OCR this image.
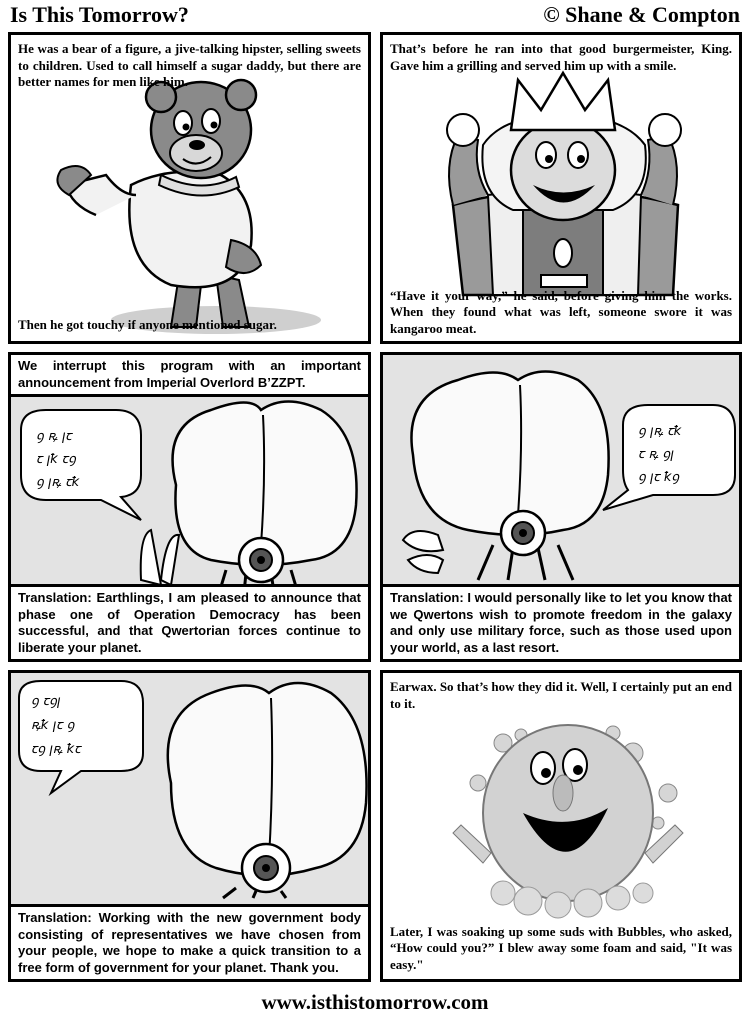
Is This Tomorrow?	© Shane & Compton
He was a bear of a figure, a jive-talking hipster, selling sweets to children. Used to call himself a sugar daddy, but there are better names for men like him.
Then he got touchy if anyone mentioned sugar.
That’s before he ran into that good burgermeister, King. Gave him a grilling and served him up with a smile.
“Have it your way,” he said, before giving him the works. When they found what was left, someone swore it was kangaroo meat.
ꝯ ꝶ ꞁꞇ
ꞇ ꞁꝁ ꞇꝯ
ꝯ ꞁꝶ ꞇꝁ
We interrupt this program with an important announcement from Imperial Overlord B’ZZPT.
Translation: Earthlings, I am pleased to announce that phase one of Operation Democracy has been successful, and that Qwertorian forces continue to liberate your planet.
ꝯ ꞁꝶ ꞇꝁ
ꞇ ꝶ ꝯꞁ
ꝯ ꞁꞇ ꝁꝯ
Translation: I would personally like to let you know that we Qwertons wish to promote freedom in the galaxy and only use military force, such as those used upon your world, as a last resort.
ꝯ ꞇꝯꞁ
ꝶꝁ ꞁꞇ ꝯ
ꞇꝯ ꞁꝶ ꝁꞇ
Translation: Working with the new government body consisting of representatives we have chosen from your people, we hope to make a quick transition to a free form of government for your planet. Thank you.
Earwax. So that’s how they did it. Well, I certainly put an end to it.
Later, I was soaking up some suds with Bubbles, who asked, “How could you?” I blew away some foam and said, "It was easy."
www.isthistomorrow.com
